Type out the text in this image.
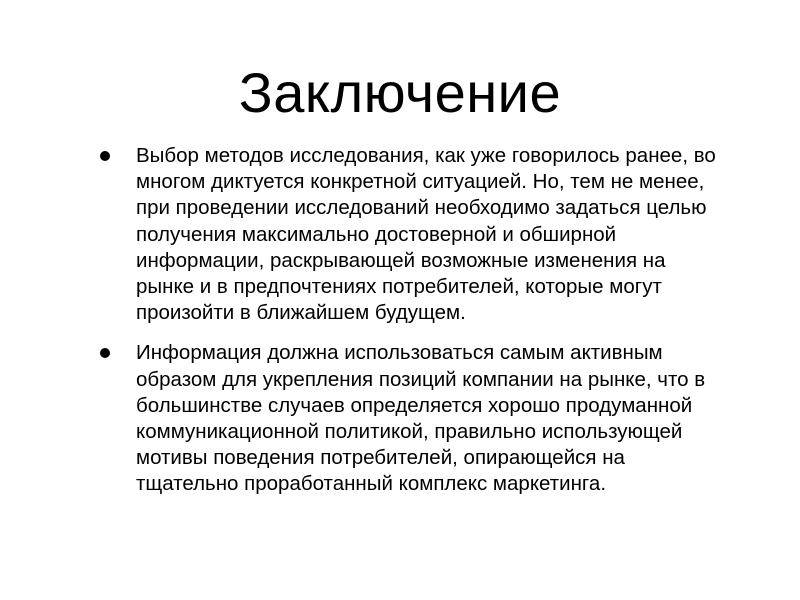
Заключение
Выбор методов исследования, как уже говорилось ранее, во многом диктуется конкретной ситуацией. Но, тем не менее, при проведении исследований необходимо задаться целью получения максимально достоверной и обширной информации, раскрывающей возможные изменения на рынке и в предпочтениях потребителей, которые могут произойти в ближайшем будущем.
Информация должна использоваться самым активным образом для укрепления позиций компании на рынке, что в большинстве случаев определяется хорошо продуманной коммуникационной политикой, правильно использующей мотивы поведения потребителей, опирающейся на тщательно проработанный комплекс маркетинга.
